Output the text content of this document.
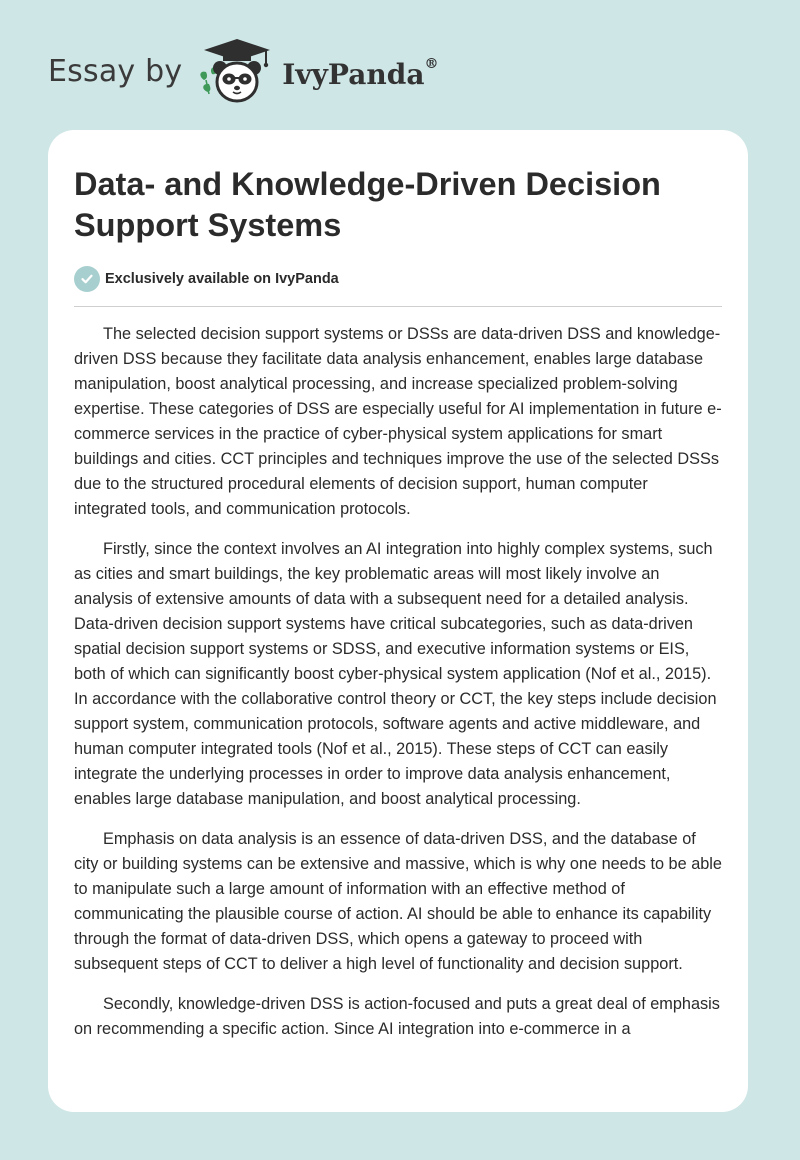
Essay by	IvyPanda®
Data- and Knowledge-Driven Decision Support Systems
Exclusively available on IvyPanda

The selected decision support systems or DSSs are data-driven DSS and knowledge-driven DSS because they facilitate data analysis enhancement, enables large database manipulation, boost analytical processing, and increase specialized problem-solving expertise. These categories of DSS are especially useful for AI implementation in future e-commerce services in the practice of cyber-physical system applications for smart buildings and cities. CCT principles and techniques improve the use of the selected DSSs due to the structured procedural elements of decision support, human computer integrated tools, and communication protocols.

Firstly, since the context involves an AI integration into highly complex systems, such as cities and smart buildings, the key problematic areas will most likely involve an analysis of extensive amounts of data with a subsequent need for a detailed analysis. Data-driven decision support systems have critical subcategories, such as data-driven spatial decision support systems or SDSS, and executive information systems or EIS, both of which can significantly boost cyber-physical system application (Nof et al., 2015). In accordance with the collaborative control theory or CCT, the key steps include decision support system, communication protocols, software agents and active middleware, and human computer integrated tools (Nof et al., 2015). These steps of CCT can easily integrate the underlying processes in order to improve data analysis enhancement, enables large database manipulation, and boost analytical processing.

Emphasis on data analysis is an essence of data-driven DSS, and the database of city or building systems can be extensive and massive, which is why one needs to be able to manipulate such a large amount of information with an effective method of communicating the plausible course of action. AI should be able to enhance its capability through the format of data-driven DSS, which opens a gateway to proceed with subsequent steps of CCT to deliver a high level of functionality and decision support.

Secondly, knowledge-driven DSS is action-focused and puts a great deal of emphasis on recommending a specific action. Since AI integration into e-commerce in a
